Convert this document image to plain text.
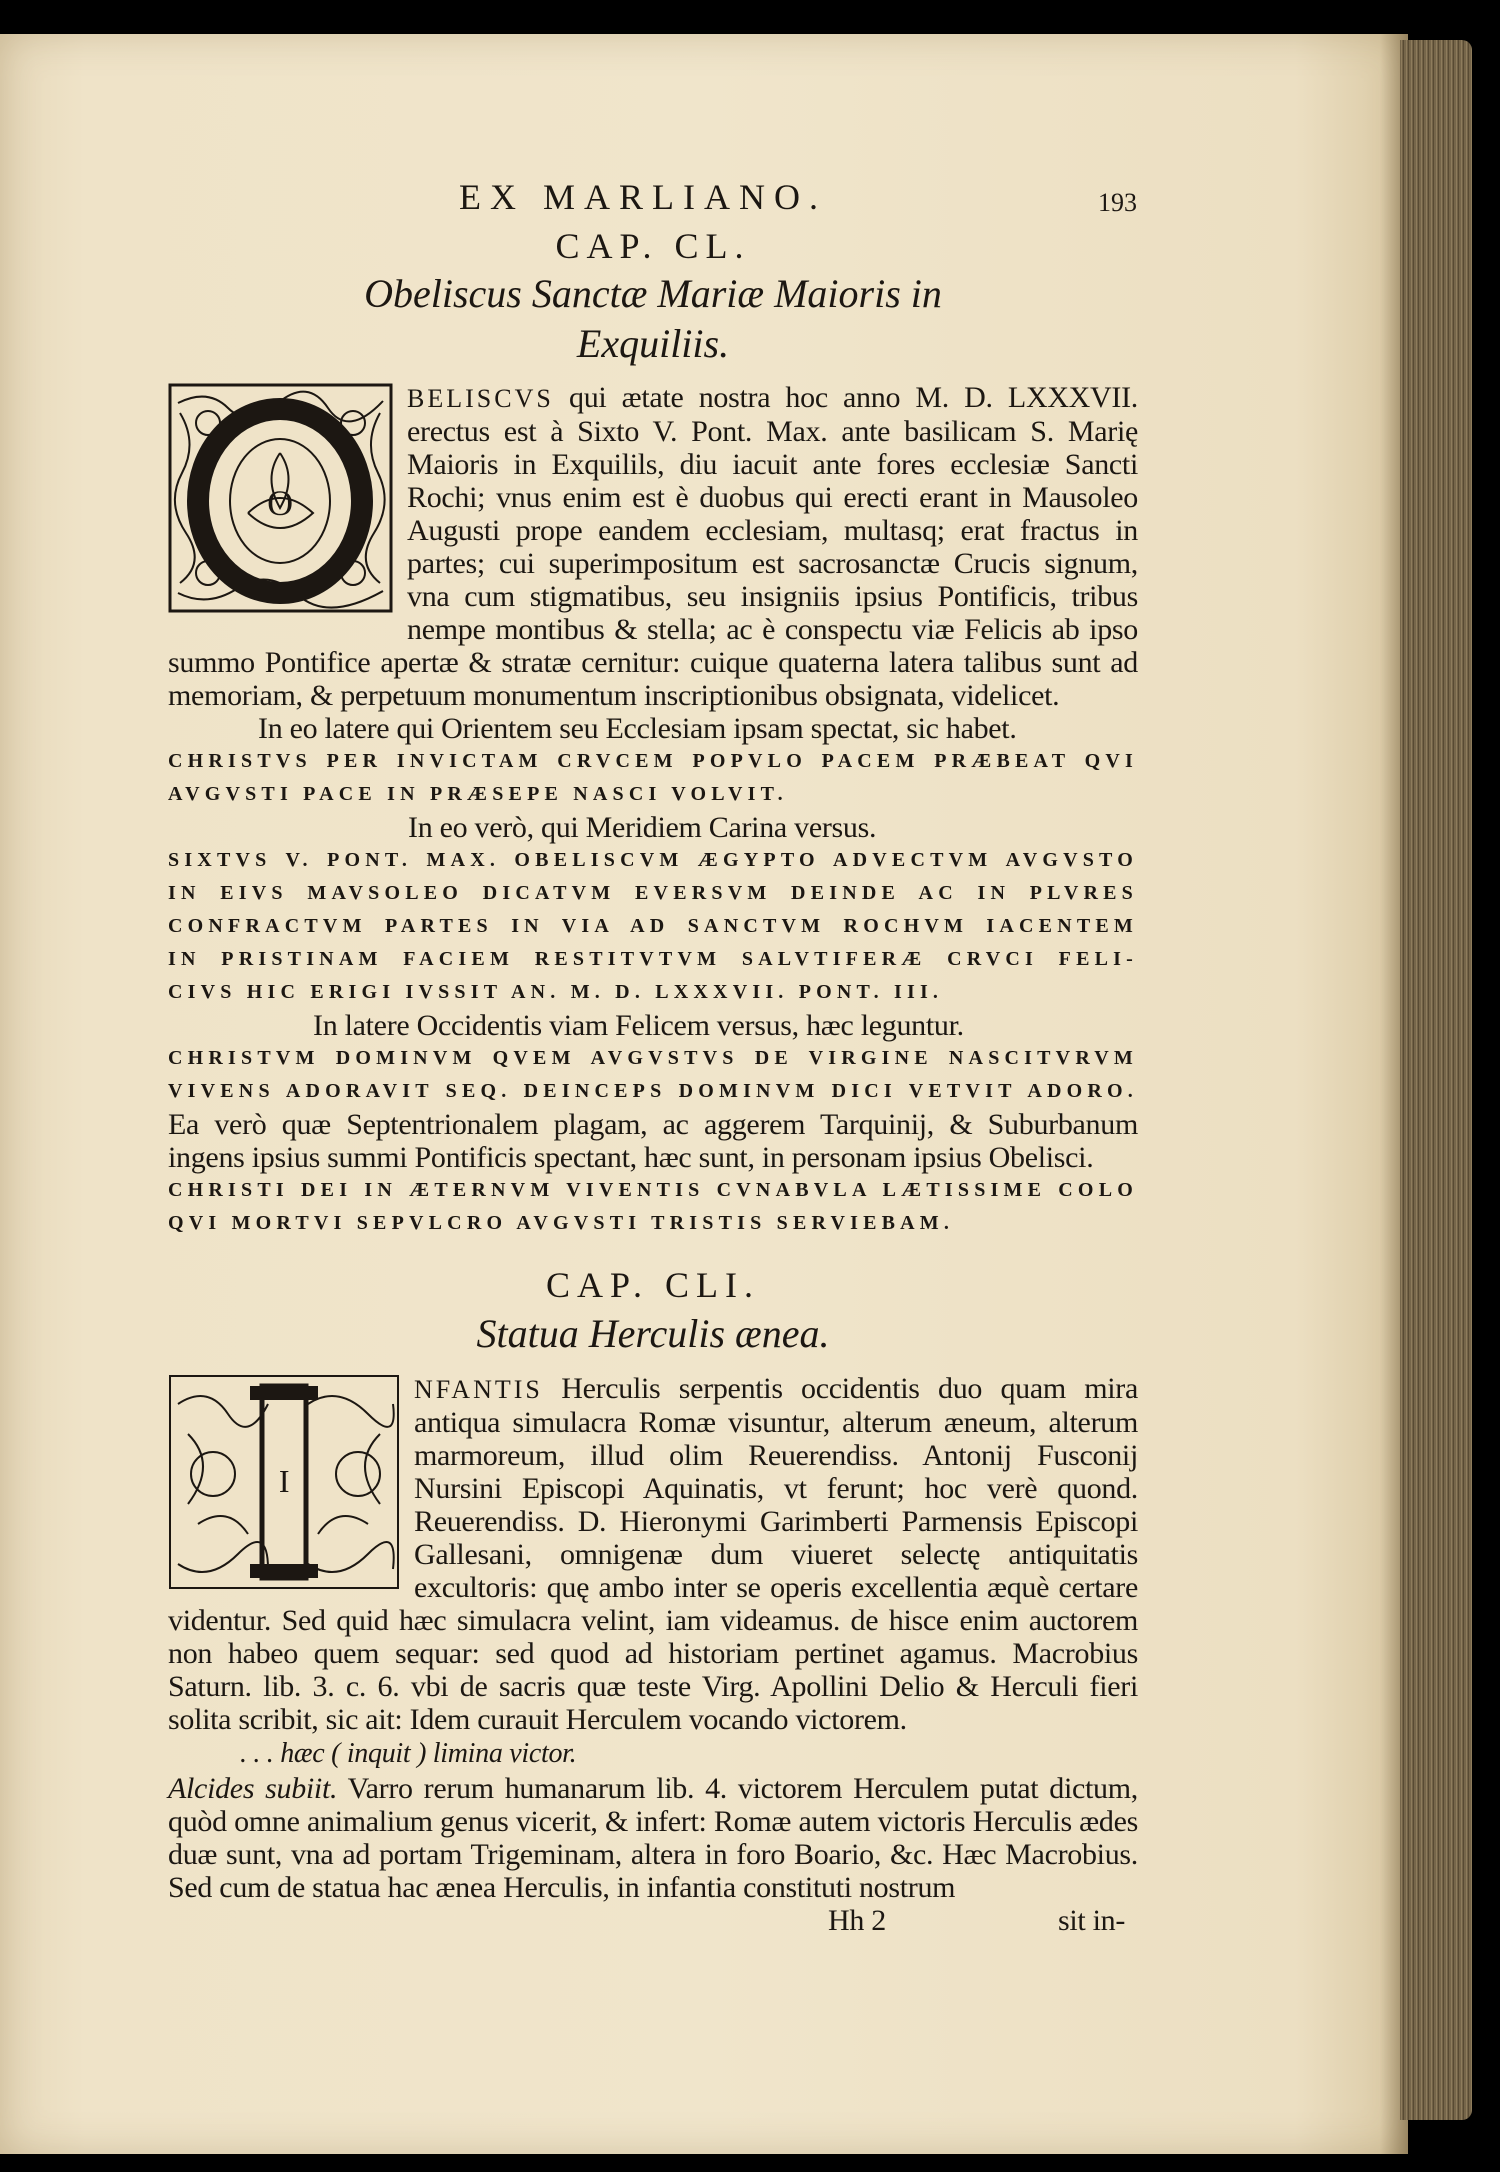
193
EX MARLIANO.
CAP. CL.
Obeliscus Sanctæ Mariæ Maioris in Exquiliis.
O
BELISCVS qui ætate nostra hoc anno M. D. LXXXVII. erectus est à Sixto V. Pont. Max. ante basilicam S. Marię Maioris in Exquilils, diu iacuit ante fores ecclesiæ Sancti Rochi; vnus enim est è duobus qui erecti erant in Mausoleo Augusti prope eandem ecclesiam, multasq; erat fractus in partes; cui superimpositum est sacrosanctæ Crucis signum, vna cum stigmatibus, seu insigniis ipsius Pontificis, tribus nempe montibus & stella; ac è conspectu viæ Felicis ab ipso summo Pontifice apertæ & stratæ cernitur: cuique quaterna latera talibus sunt ad memoriam, & perpetuum monumentum inscriptionibus obsignata, videlicet.
In eo latere qui Orientem seu Ecclesiam ipsam spectat, sic habet.
CHRISTVS PER INVICTAM CRVCEM POPVLO PACEM PRÆBEAT QVI
AVGVSTI PACE IN PRÆSEPE NASCI VOLVIT.
In eo verò, qui Meridiem Carina versus.
SIXTVS V. PONT. MAX. OBELISCVM ÆGYPTO ADVECTVM AVGVSTO
IN EIVS MAVSOLEO DICATVM EVERSVM DEINDE AC IN PLVRES
CONFRACTVM PARTES IN VIA AD SANCTVM ROCHVM IACENTEM
IN PRISTINAM FACIEM RESTITVTVM SALVTIFERÆ CRVCI FELI-
CIVS HIC ERIGI IVSSIT AN. M. D. LXXXVII. PONT. III.
In latere Occidentis viam Felicem versus, hæc leguntur.
CHRISTVM DOMINVM QVEM AVGVSTVS DE VIRGINE NASCITVRVM
VIVENS ADORAVIT SEQ. DEINCEPS DOMINVM DICI VETVIT ADORO.
Ea verò quæ Septentrionalem plagam, ac aggerem Tarquinij, & Suburbanum ingens ipsius summi Pontificis spectant, hæc sunt, in personam ipsius Obelisci.
CHRISTI DEI IN ÆTERNVM VIVENTIS CVNABVLA LÆTISSIME COLO
QVI MORTVI SEPVLCRO AVGVSTI TRISTIS SERVIEBAM.
CAP. CLI.
Statua Herculis ænea.
I
NFANTIS Herculis serpentis occidentis duo quam mira antiqua simulacra Romæ visuntur, alterum æneum, alterum marmoreum, illud olim Reuerendiss. Antonij Fusconij Nursini Episcopi Aquinatis, vt ferunt; hoc verè quond. Reuerendiss. D. Hieronymi Garimberti Parmensis Episcopi Gallesani, omnigenæ dum viueret selectę antiquitatis excultoris: quę ambo inter se operis excellentia æquè certare videntur. Sed quid hæc simulacra velint, iam videamus. de hisce enim auctorem non habeo quem sequar: sed quod ad historiam pertinet agamus. Macrobius Saturn. lib. 3. c. 6. vbi de sacris quæ teste Virg. Apollini Delio & Herculi fieri solita scribit, sic ait: Idem curauit Herculem vocando victorem.
. . . hæc ( inquit ) limina victor.
Alcides subiit. Varro rerum humanarum lib. 4. victorem Herculem putat dictum, quòd omne animalium genus vicerit, & infert: Romæ autem victoris Herculis ædes duæ sunt, vna ad portam Trigeminam, altera in foro Boario, &c. Hæc Macrobius. Sed cum de statua hac ænea Herculis, in infantia constituti nostrum
Hh 2	sit in-
